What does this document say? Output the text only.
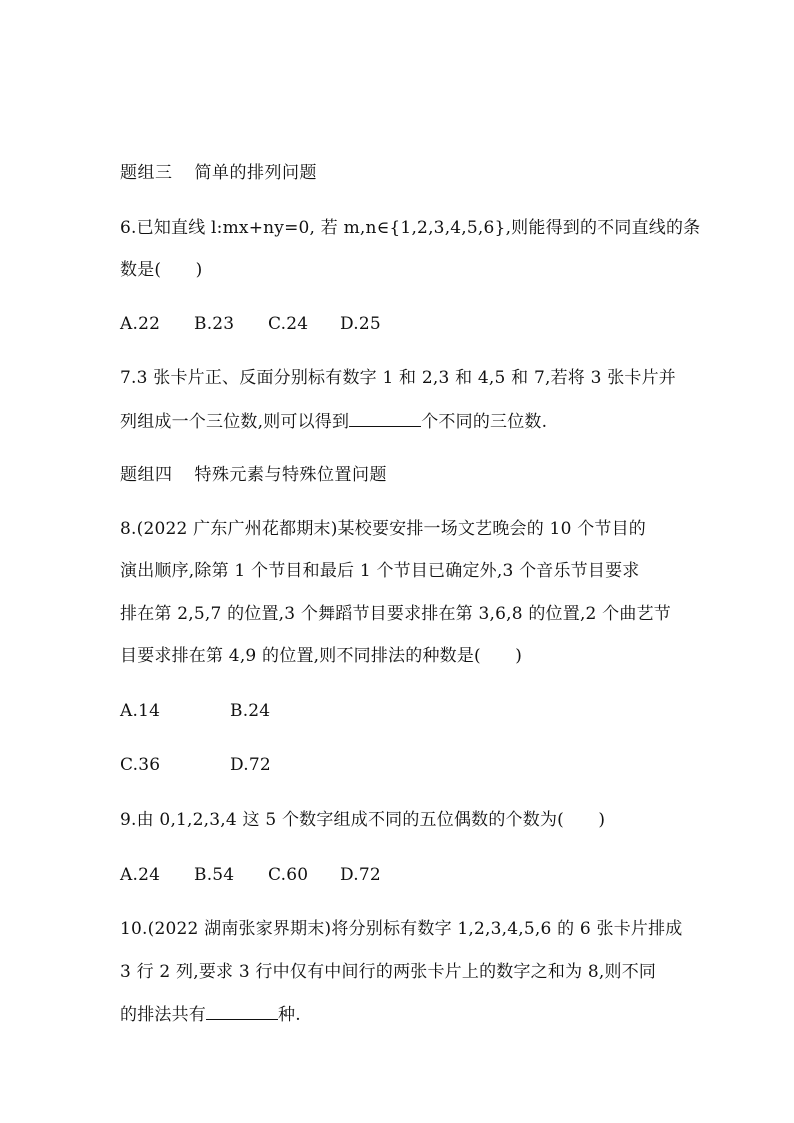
题组三 简单的排列问题
6.已知直线 l:mx+ny=0, 若 m,n∈{1,2,3,4,5,6},则能得到的不同直线的条
数是(　　)
A.22 B.23 C.24 D.25
7.3 张卡片正、反面分别标有数字 1 和 2,3 和 4,5 和 7,若将 3 张卡片并
列组成一个三位数,则可以得到	个不同的三位数.
题组四 特殊元素与特殊位置问题
8.(2022 广东广州花都期末)某校要安排一场文艺晚会的 10 个节目的
演出顺序,除第 1 个节目和最后 1 个节目已确定外,3 个音乐节目要求
排在第 2,5,7 的位置,3 个舞蹈节目要求排在第 3,6,8 的位置,2 个曲艺节
目要求排在第 4,9 的位置,则不同排法的种数是(　　)
A.14	B.24
C.36	D.72
9.由 0,1,2,3,4 这 5 个数字组成不同的五位偶数的个数为(　　)
A.24 B.54 C.60 D.72
10.(2022 湖南张家界期末)将分别标有数字 1,2,3,4,5,6 的 6 张卡片排成
3 行 2 列,要求 3 行中仅有中间行的两张卡片上的数字之和为 8,则不同
的排法共有	种.
